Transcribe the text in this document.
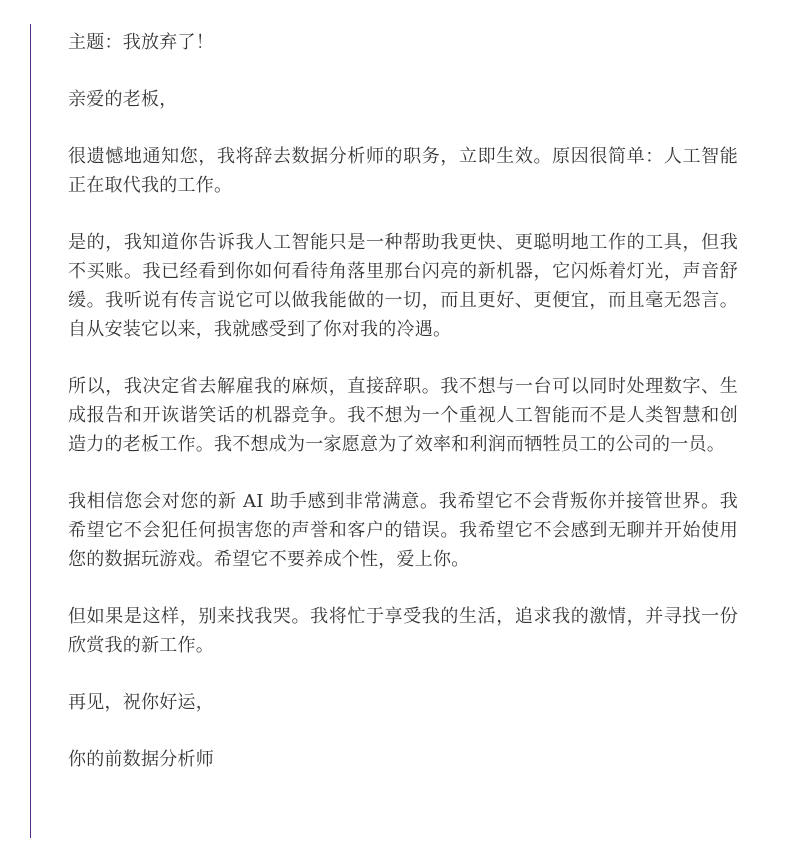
主题：我放弃了！

亲爱的老板，

很遗憾地通知您，我将辞去数据分析师的职务，立即生效。原因很简单：人工智能正在取代我的工作。

是的，我知道你告诉我人工智能只是一种帮助我更快、更聪明地工作的工具，但我不买账。我已经看到你如何看待角落里那台闪亮的新机器，它闪烁着灯光，声音舒缓。我听说有传言说它可以做我能做的一切，而且更好、更便宜，而且毫无怨言。自从安装它以来，我就感受到了你对我的冷遇。

所以，我决定省去解雇我的麻烦，直接辞职。我不想与一台可以同时处理数字、生成报告和开诙谐笑话的机器竞争。我不想为一个重视人工智能而不是人类智慧和创造力的老板工作。我不想成为一家愿意为了效率和利润而牺牲员工的公司的一员。

我相信您会对您的新 AI 助手感到非常满意。我希望它不会背叛你并接管世界。我希望它不会犯任何损害您的声誉和客户的错误。我希望它不会感到无聊并开始使用您的数据玩游戏。希望它不要养成个性，爱上你。

但如果是这样，别来找我哭。我将忙于享受我的生活，追求我的激情，并寻找一份欣赏我的新工作。

再见，祝你好运，

你的前数据分析师
